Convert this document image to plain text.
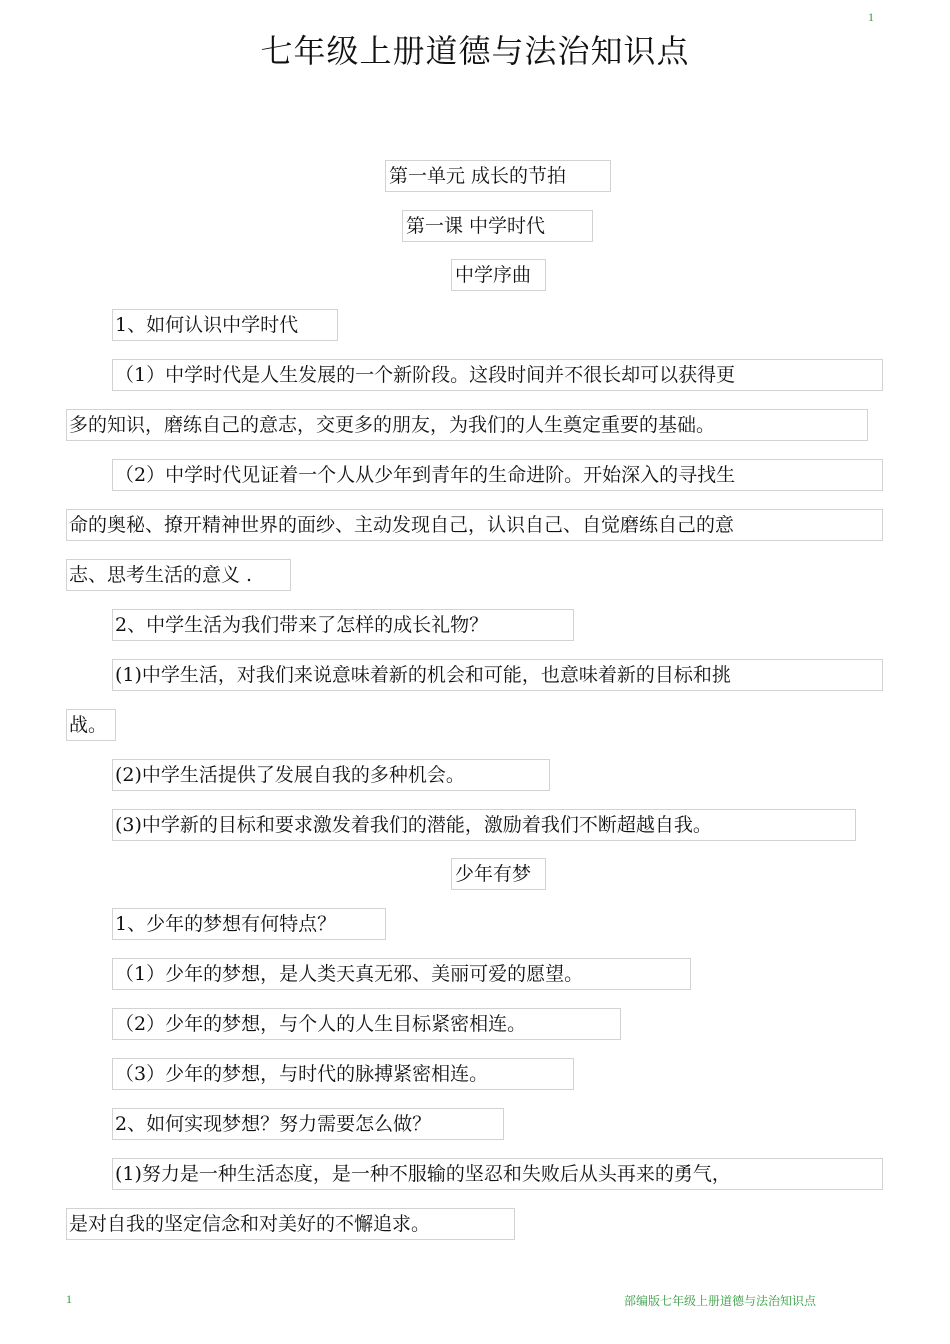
1
七年级上册道德与法治知识点
第一单元 成长的节拍
第一课 中学时代
中学序曲
1、如何认识中学时代
（1）中学时代是人生发展的一个新阶段。这段时间并不很长却可以获得更
多的知识，磨练自己的意志，交更多的朋友，为我们的人生奠定重要的基础。
（2）中学时代见证着一个人从少年到青年的生命进阶。开始深入的寻找生
命的奥秘、撩开精神世界的面纱、主动发现自己，认识自己、自觉磨练自己的意
志、思考生活的意义 .
2、中学生活为我们带来了怎样的成长礼物？
(1)中学生活，对我们来说意味着新的机会和可能，也意味着新的目标和挑
战。
(2)中学生活提供了发展自我的多种机会。
(3)中学新的目标和要求激发着我们的潜能，激励着我们不断超越自我。
少年有梦
1、少年的梦想有何特点？
（1）少年的梦想，是人类天真无邪、美丽可爱的愿望。
（2）少年的梦想，与个人的人生目标紧密相连。
（3）少年的梦想，与时代的脉搏紧密相连。
2、如何实现梦想？努力需要怎么做？
(1)努力是一种生活态度，是一种不服输的坚忍和失败后从头再来的勇气，
是对自我的坚定信念和对美好的不懈追求。
1	部编版七年级上册道德与法治知识点
